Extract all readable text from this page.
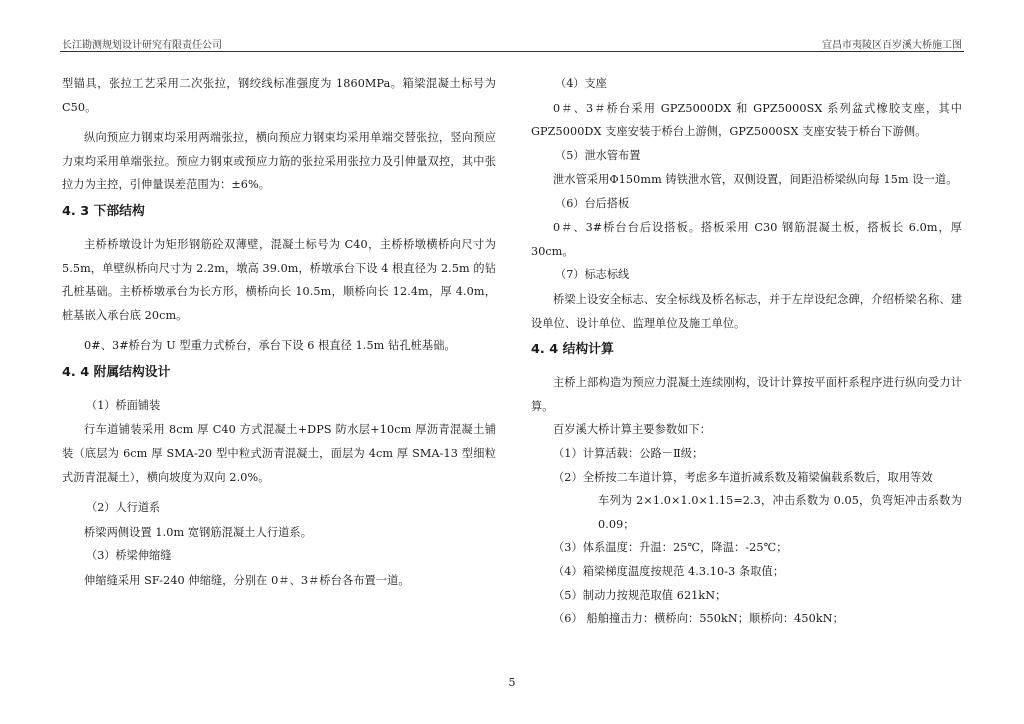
长江勘测规划设计研究有限责任公司	宜昌市夷陵区百岁溪大桥施工图

型锚具，张拉工艺采用二次张拉，钢绞线标准强度为 1860MPa。箱梁混凝土标号为 C50。

纵向预应力钢束均采用两端张拉，横向预应力钢束均采用单端交替张拉，竖向预应力束均采用单端张拉。预应力钢束或预应力筋的张拉采用张拉力及引伸量双控，其中张拉力为主控，引伸量误差范围为：±6%。

4. 3 下部结构

主桥桥墩设计为矩形钢筋砼双薄壁，混凝土标号为 C40，主桥桥墩横桥向尺寸为 5.5m，单壁纵桥向尺寸为 2.2m，墩高 39.0m，桥墩承台下设 4 根直径为 2.5m 的钻孔桩基础。主桥桥墩承台为长方形，横桥向长 10.5m，顺桥向长 12.4m，厚 4.0m，桩基嵌入承台底 20cm。

0#、3#桥台为 U 型重力式桥台，承台下设 6 根直径 1.5m 钻孔桩基础。

4. 4 附属结构设计

（1）桥面铺装

行车道铺装采用 8cm 厚 C40 方式混凝土+DPS 防水层+10cm 厚沥青混凝土铺装（底层为 6cm 厚 SMA-20 型中粒式沥青混凝土，面层为 4cm 厚 SMA-13 型细粒式沥青混凝土），横向坡度为双向 2.0%。

（2）人行道系

桥梁两侧设置 1.0m 宽钢筋混凝土人行道系。

（3）桥梁伸缩缝

伸缩缝采用 SF-240 伸缩缝，分别在 0＃、3＃桥台各布置一道。

（4）支座

0＃、3＃桥台采用 GPZ5000DX 和 GPZ5000SX 系列盆式橡胶支座，其中 GPZ5000DX 支座安装于桥台上游侧，GPZ5000SX 支座安装于桥台下游侧。

（5）泄水管布置

泄水管采用Φ150mm 铸铁泄水管，双侧设置，间距沿桥梁纵向每 15m 设一道。

（6）台后搭板

0＃、3#桥台台后设搭板。搭板采用 C30 钢筋混凝土板，搭板长 6.0m，厚 30cm。

（7）标志标线

桥梁上设安全标志、安全标线及桥名标志，并于左岸设纪念碑，介绍桥梁名称、建设单位、设计单位、监理单位及施工单位。

4. 4 结构计算

主桥上部构造为预应力混凝土连续刚构，设计计算按平面杆系程序进行纵向受力计算。

百岁溪大桥计算主要参数如下：

（1）计算活载：公路－Ⅱ级；

（2）全桥按二车道计算，考虑多车道折减系数及箱梁偏载系数后，取用等效

车列为 2×1.0×1.0×1.15=2.3，冲击系数为 0.05，负弯矩冲击系数为 0.09；

（3）体系温度：升温：25℃，降温：-25℃；

（4）箱梁梯度温度按规范 4.3.10-3 条取值；

（5）制动力按规范取值 621kN；

（6） 船舶撞击力：横桥向：550kN；顺桥向：450kN；

5
